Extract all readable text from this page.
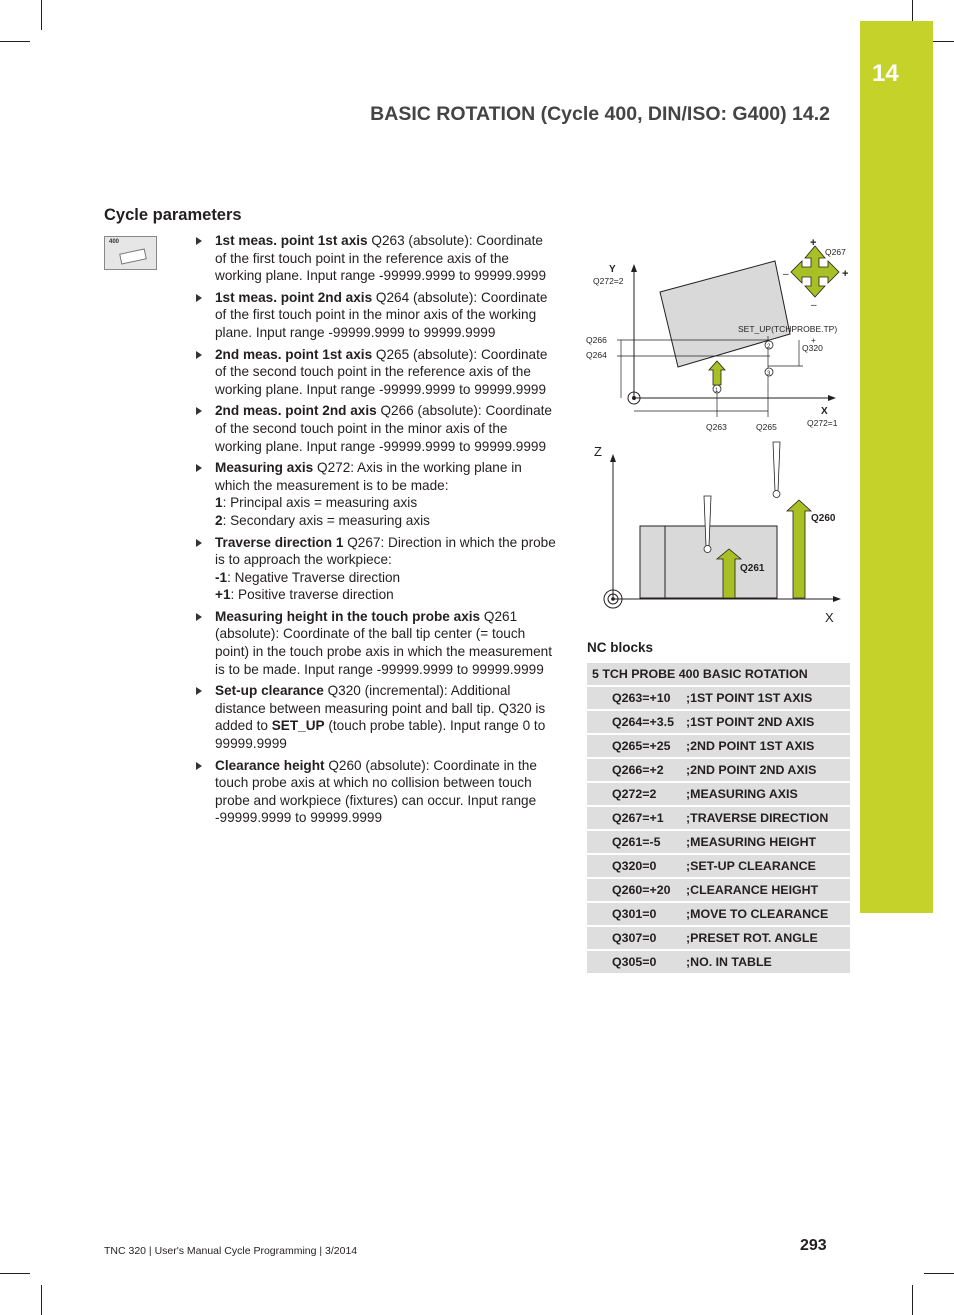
14
BASIC ROTATION (Cycle 400, DIN/ISO: G400) 14.2
Cycle parameters
400	1st meas. point 1st axis Q263 (absolute): Coordinate of the first touch point in the reference axis of the working plane. Input range -99999.9999 to 99999.9999
1st meas. point 2nd axis Q264 (absolute): Coordinate of the first touch point in the minor axis of the working plane. Input range -99999.9999 to 99999.9999
2nd meas. point 1st axis Q265 (absolute): Coordinate of the second touch point in the reference axis of the working plane. Input range -99999.9999 to 99999.9999
2nd meas. point 2nd axis Q266 (absolute): Coordinate of the second touch point in the minor axis of the working plane. Input range -99999.9999 to 99999.9999
Measuring axis Q272: Axis in the working plane in which the measurement is to be made:
1: Principal axis = measuring axis
2: Secondary axis = measuring axis
Traverse direction 1 Q267: Direction in which the probe is to approach the workpiece:
-1: Negative Traverse direction
+1: Positive traverse direction
Measuring height in the touch probe axis Q261 (absolute): Coordinate of the ball tip center (= touch point) in the touch probe axis in which the measurement is to be made. Input range -99999.9999 to 99999.9999
Set-up clearance Q320 (incremental): Additional distance between measuring point and ball tip. Q320 is added to SET_UP (touch probe table). Input range 0 to 99999.9999
Clearance height Q260 (absolute): Coordinate in the touch probe axis at which no collision between touch probe and workpiece (fixtures) can occur. Input range -99999.9999 to 99999.9999
Y
Q272=2
X
Q272=1
Q266
Q264
Q263	Q265
SET_UP(TCHPROBE.TP)
+
Q320
1
2
3
+
+
–
–
Q267
Z
X
Q261
Q260
NC blocks
5 TCH PROBE 400 BASIC ROTATION	
Q263=+10	;1ST POINT 1ST AXIS
Q264=+3.5	;1ST POINT 2ND AXIS
Q265=+25	;2ND POINT 1ST AXIS
Q266=+2	;2ND POINT 2ND AXIS
Q272=2	;MEASURING AXIS
Q267=+1	;TRAVERSE DIRECTION
Q261=-5	;MEASURING HEIGHT
Q320=0	;SET-UP CLEARANCE
Q260=+20	;CLEARANCE HEIGHT
Q301=0	;MOVE TO CLEARANCE
Q307=0	;PRESET ROT. ANGLE
Q305=0	;NO. IN TABLE
TNC 320 | User's Manual Cycle Programming | 3/2014	293
